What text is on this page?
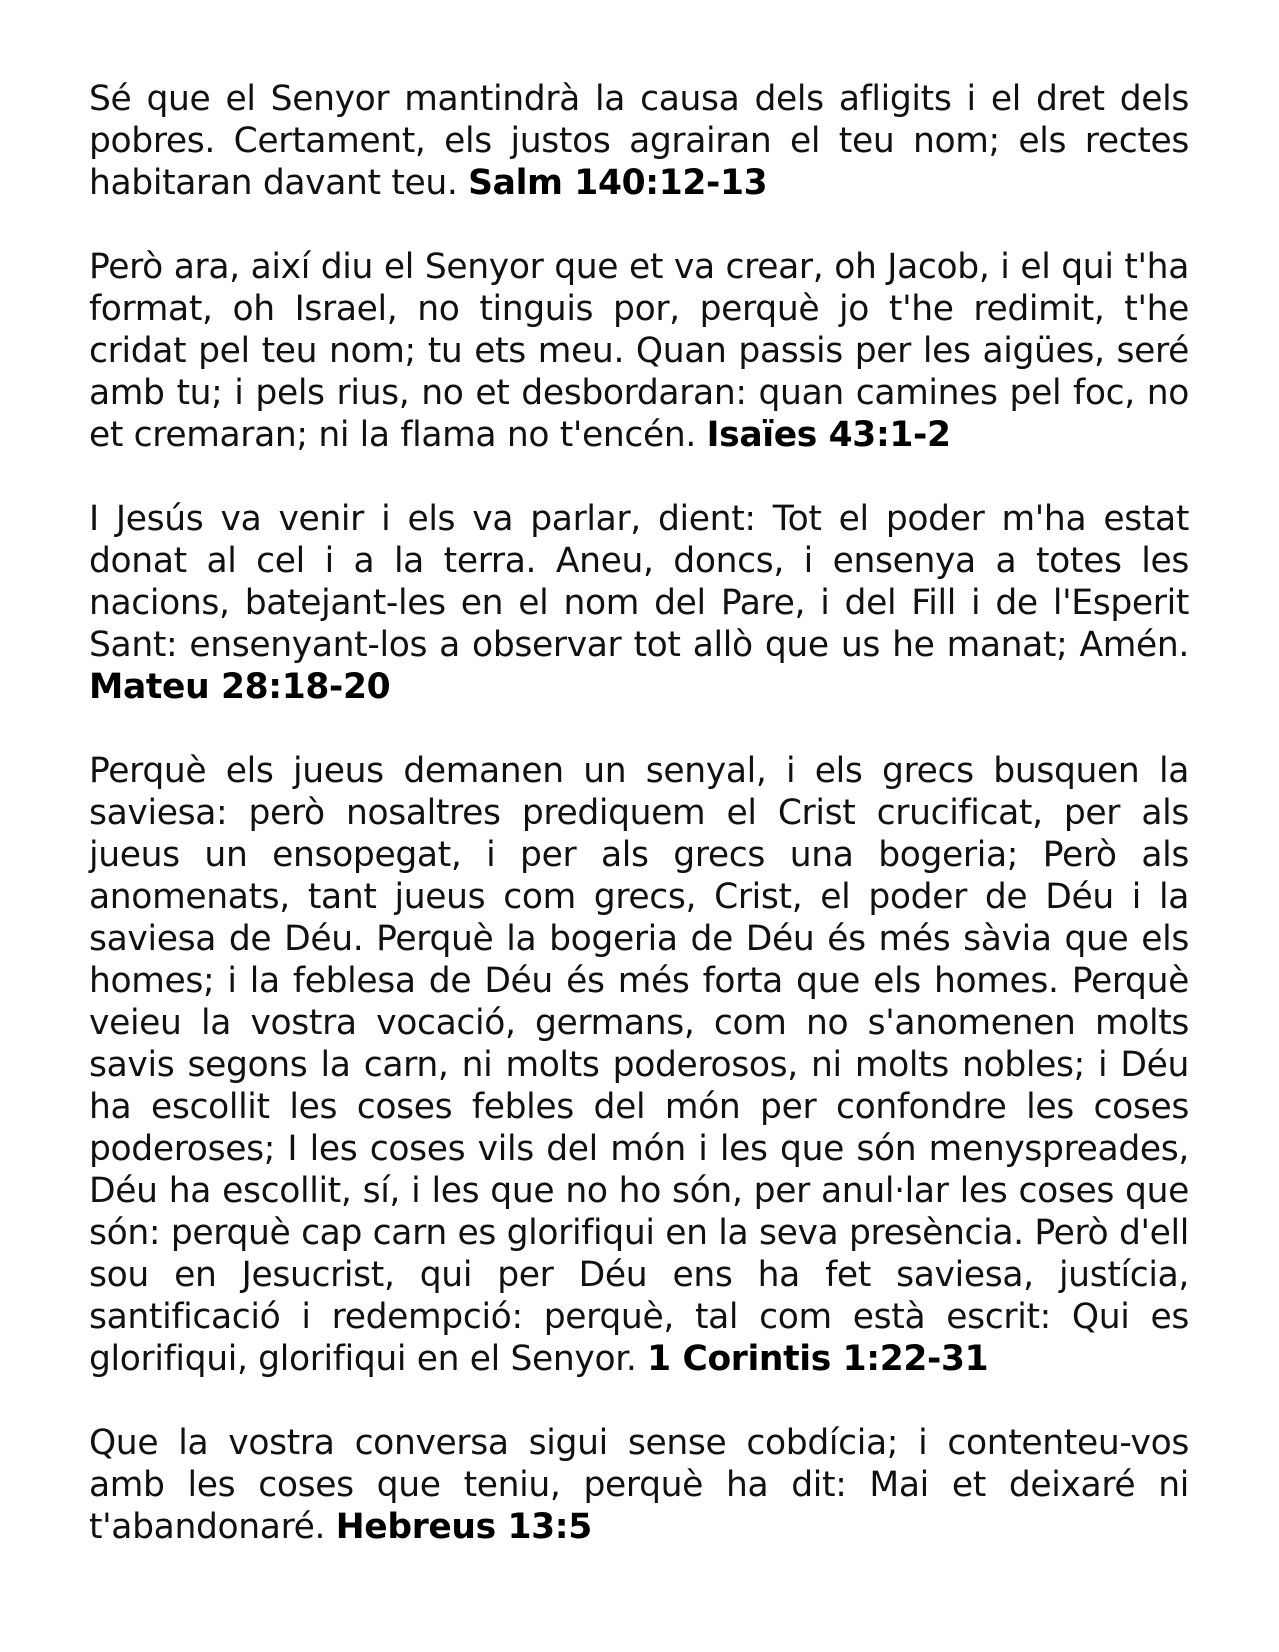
Sé que el Senyor mantindrà la causa dels afligits i el dret dels pobres. Certament, els justos agrairan el teu nom; els rectes habitaran davant teu. Salm 140:12-13

Però ara, així diu el Senyor que et va crear, oh Jacob, i el qui t'ha format, oh Israel, no tinguis por, perquè jo t'he redimit, t'he cridat pel teu nom; tu ets meu. Quan passis per les aigües, seré amb tu; i pels rius, no et desbordaran: quan camines pel foc, no et cremaran; ni la flama no t'encén. Isaïes 43:1-2

I Jesús va venir i els va parlar, dient: Tot el poder m'ha estat donat al cel i a la terra. Aneu, doncs, i ensenya a totes les nacions, batejant-les en el nom del Pare, i del Fill i de l'Esperit Sant: ensenyant-los a observar tot allò que us he manat; Amén. Mateu 28:18-20

Perquè els jueus demanen un senyal, i els grecs busquen la saviesa: però nosaltres prediquem el Crist crucificat, per als jueus un ensopegat, i per als grecs una bogeria; Però als anomenats, tant jueus com grecs, Crist, el poder de Déu i la saviesa de Déu. Perquè la bogeria de Déu és més sàvia que els homes; i la feblesa de Déu és més forta que els homes. Perquè veieu la vostra vocació, germans, com no s'anomenen molts savis segons la carn, ni molts poderosos, ni molts nobles; i Déu ha escollit les coses febles del món per confondre les coses poderoses; I les coses vils del món i les que són menyspreades, Déu ha escollit, sí, i les que no ho són, per anul·lar les coses que són: perquè cap carn es glorifiqui en la seva presència. Però d'ell sou en Jesucrist, qui per Déu ens ha fet saviesa, justícia, santificació i redempció: perquè, tal com està escrit: Qui es glorifiqui, glorifiqui en el Senyor. 1 Corintis 1:22-31

Que la vostra conversa sigui sense cobdícia; i contenteu-vos amb les coses que teniu, perquè ha dit: Mai et deixaré ni t'abandonaré. Hebreus 13:5
